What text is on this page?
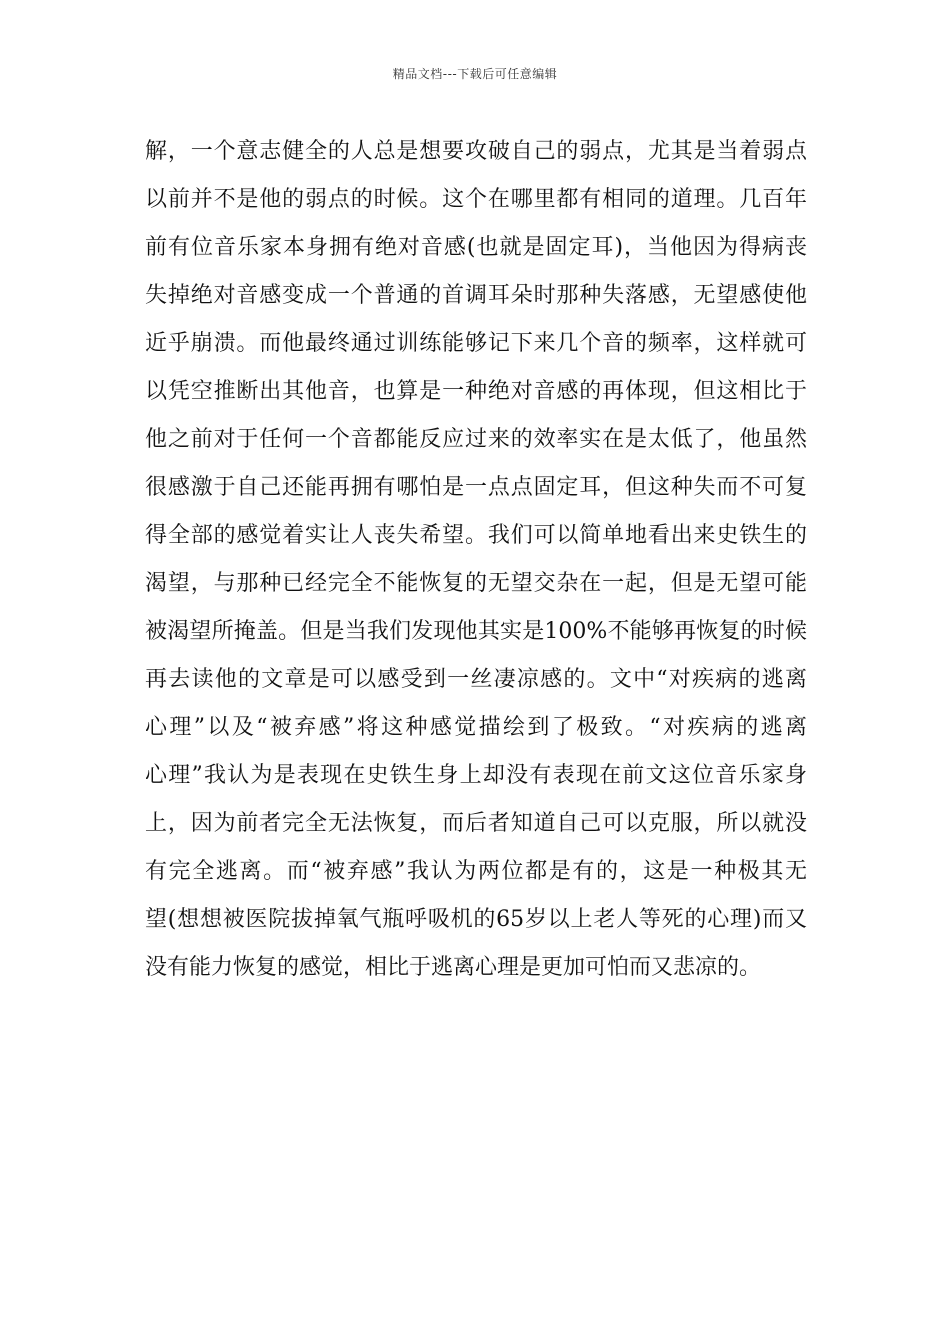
精品文档---下载后可任意编辑
解，一个意志健全的人总是想要攻破自己的弱点，尤其是当着弱点
以前并不是他的弱点的时候。这个在哪里都有相同的道理。几百年
前有位音乐家本身拥有绝对音感(也就是固定耳)，当他因为得病丧
失掉绝对音感变成一个普通的首调耳朵时那种失落感，无望感使他
近乎崩溃。而他最终通过训练能够记下来几个音的频率，这样就可
以凭空推断出其他音，也算是一种绝对音感的再体现，但这相比于
他之前对于任何一个音都能反应过来的效率实在是太低了，他虽然
很感激于自己还能再拥有哪怕是一点点固定耳，但这种失而不可复
得全部的感觉着实让人丧失希望。我们可以简单地看出来史铁生的
渴望，与那种已经完全不能恢复的无望交杂在一起，但是无望可能
被渴望所掩盖。但是当我们发现他其实是100%不能够再恢复的时候
再去读他的文章是可以感受到一丝凄凉感的。文中“对疾病的逃离
心理”以及“被弃感”将这种感觉描绘到了极致。“对疾病的逃离
心理”我认为是表现在史铁生身上却没有表现在前文这位音乐家身
上，因为前者完全无法恢复，而后者知道自己可以克服，所以就没
有完全逃离。而“被弃感”我认为两位都是有的，这是一种极其无
望(想想被医院拔掉氧气瓶呼吸机的65岁以上老人等死的心理)而又
没有能力恢复的感觉，相比于逃离心理是更加可怕而又悲凉的。
